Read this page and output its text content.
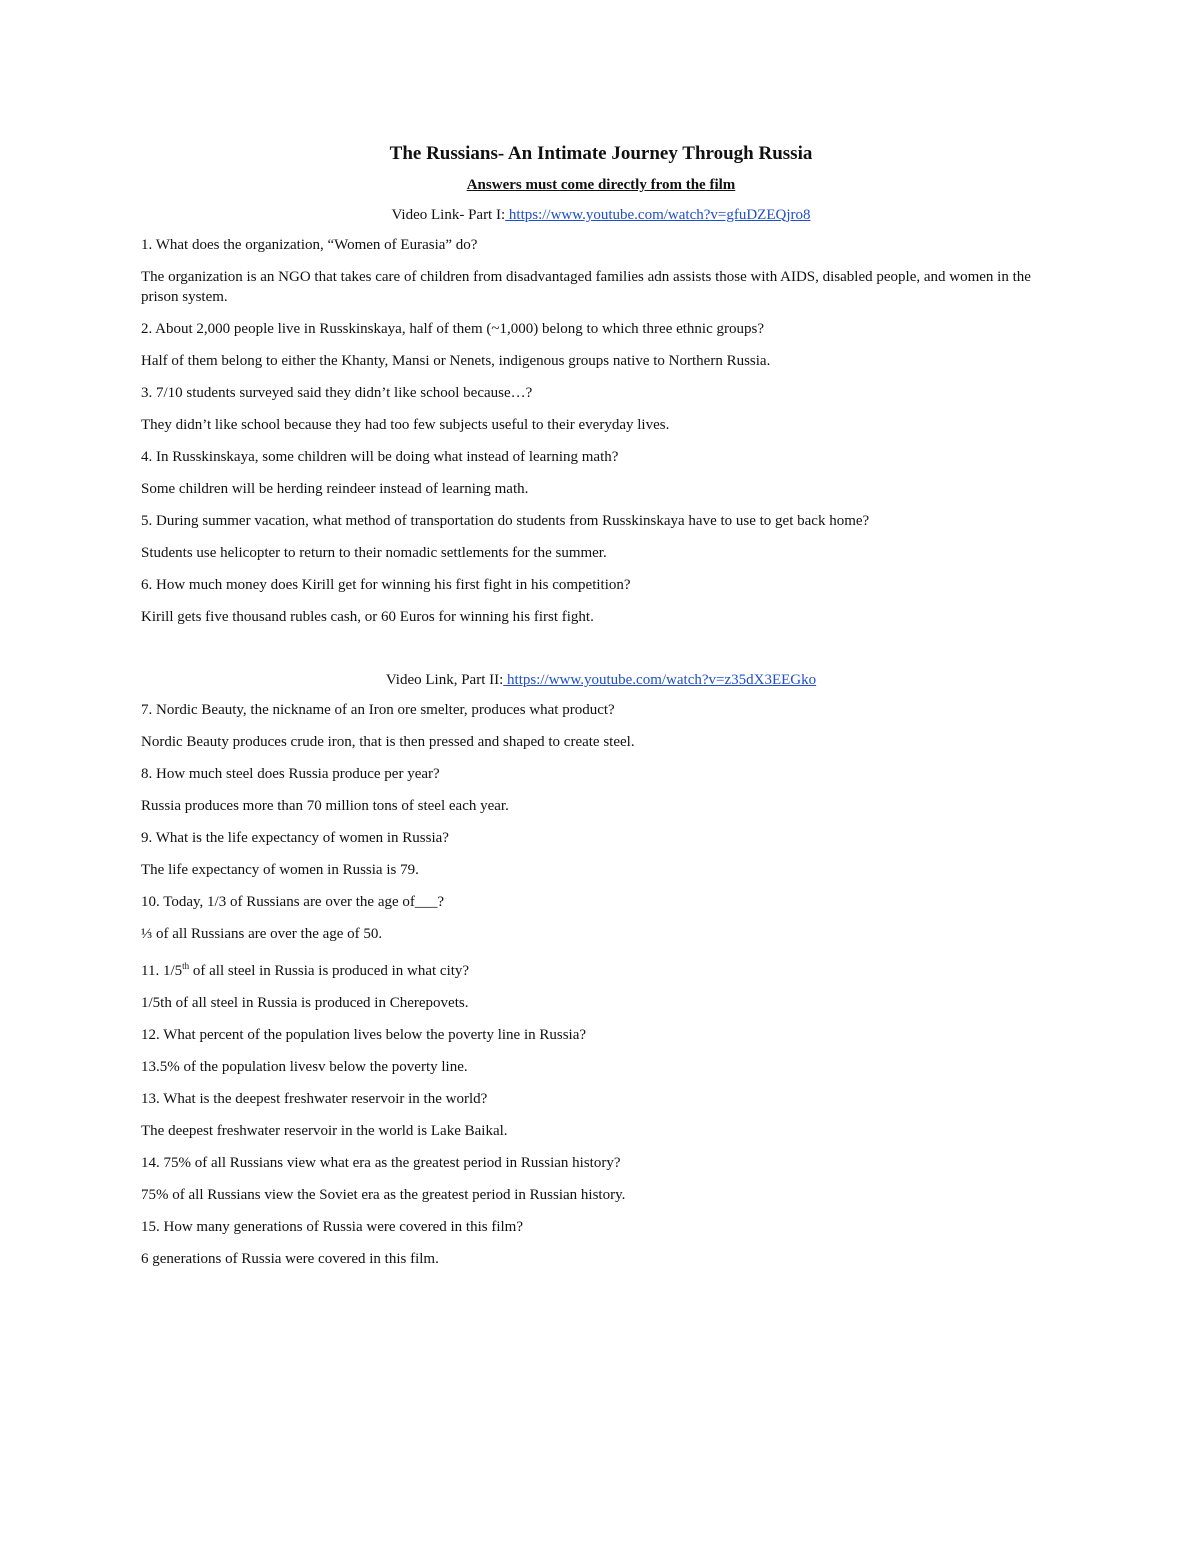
The Russians- An Intimate Journey Through Russia
Answers must come directly from the film
Video Link- Part I: https://www.youtube.com/watch?v=gfuDZEQjro8
1. What does the organization, “Women of Eurasia” do?
The organization is an NGO that takes care of children from disadvantaged families adn assists those with AIDS, disabled people, and women in the prison system.
2. About 2,000 people live in Russkinskaya, half of them (~1,000) belong to which three ethnic groups?
Half of them belong to either the Khanty, Mansi or Nenets, indigenous groups native to Northern Russia.
3. 7/10 students surveyed said they didn’t like school because…?
They didn’t like school because they had too few subjects useful to their everyday lives.
4. In Russkinskaya, some children will be doing what instead of learning math?
Some children will be herding reindeer instead of learning math.
5. During summer vacation, what method of transportation do students from Russkinskaya have to use to get back home?
Students use helicopter to return to their nomadic settlements for the summer.
6. How much money does Kirill get for winning his first fight in his competition?
Kirill gets five thousand rubles cash, or 60 Euros for winning his first fight.
Video Link, Part II: https://www.youtube.com/watch?v=z35dX3EEGko
7. Nordic Beauty, the nickname of an Iron ore smelter, produces what product?
Nordic Beauty produces crude iron, that is then pressed and shaped to create steel.
8. How much steel does Russia produce per year?
Russia produces more than 70 million tons of steel each year.
9. What is the life expectancy of women in Russia?
The life expectancy of women in Russia is 79.
10. Today, 1/3 of Russians are over the age of___?
⅓ of all Russians are over the age of 50.
11. 1/5th of all steel in Russia is produced in what city?
1/5th of all steel in Russia is produced in Cherepovets.
12. What percent of the population lives below the poverty line in Russia?
13.5% of the population livesv below the poverty line.
13. What is the deepest freshwater reservoir in the world?
The deepest freshwater reservoir in the world is Lake Baikal.
14. 75% of all Russians view what era as the greatest period in Russian history?
75% of all Russians view the Soviet era as the greatest period in Russian history.
15. How many generations of Russia were covered in this film?
6 generations of Russia were covered in this film.
